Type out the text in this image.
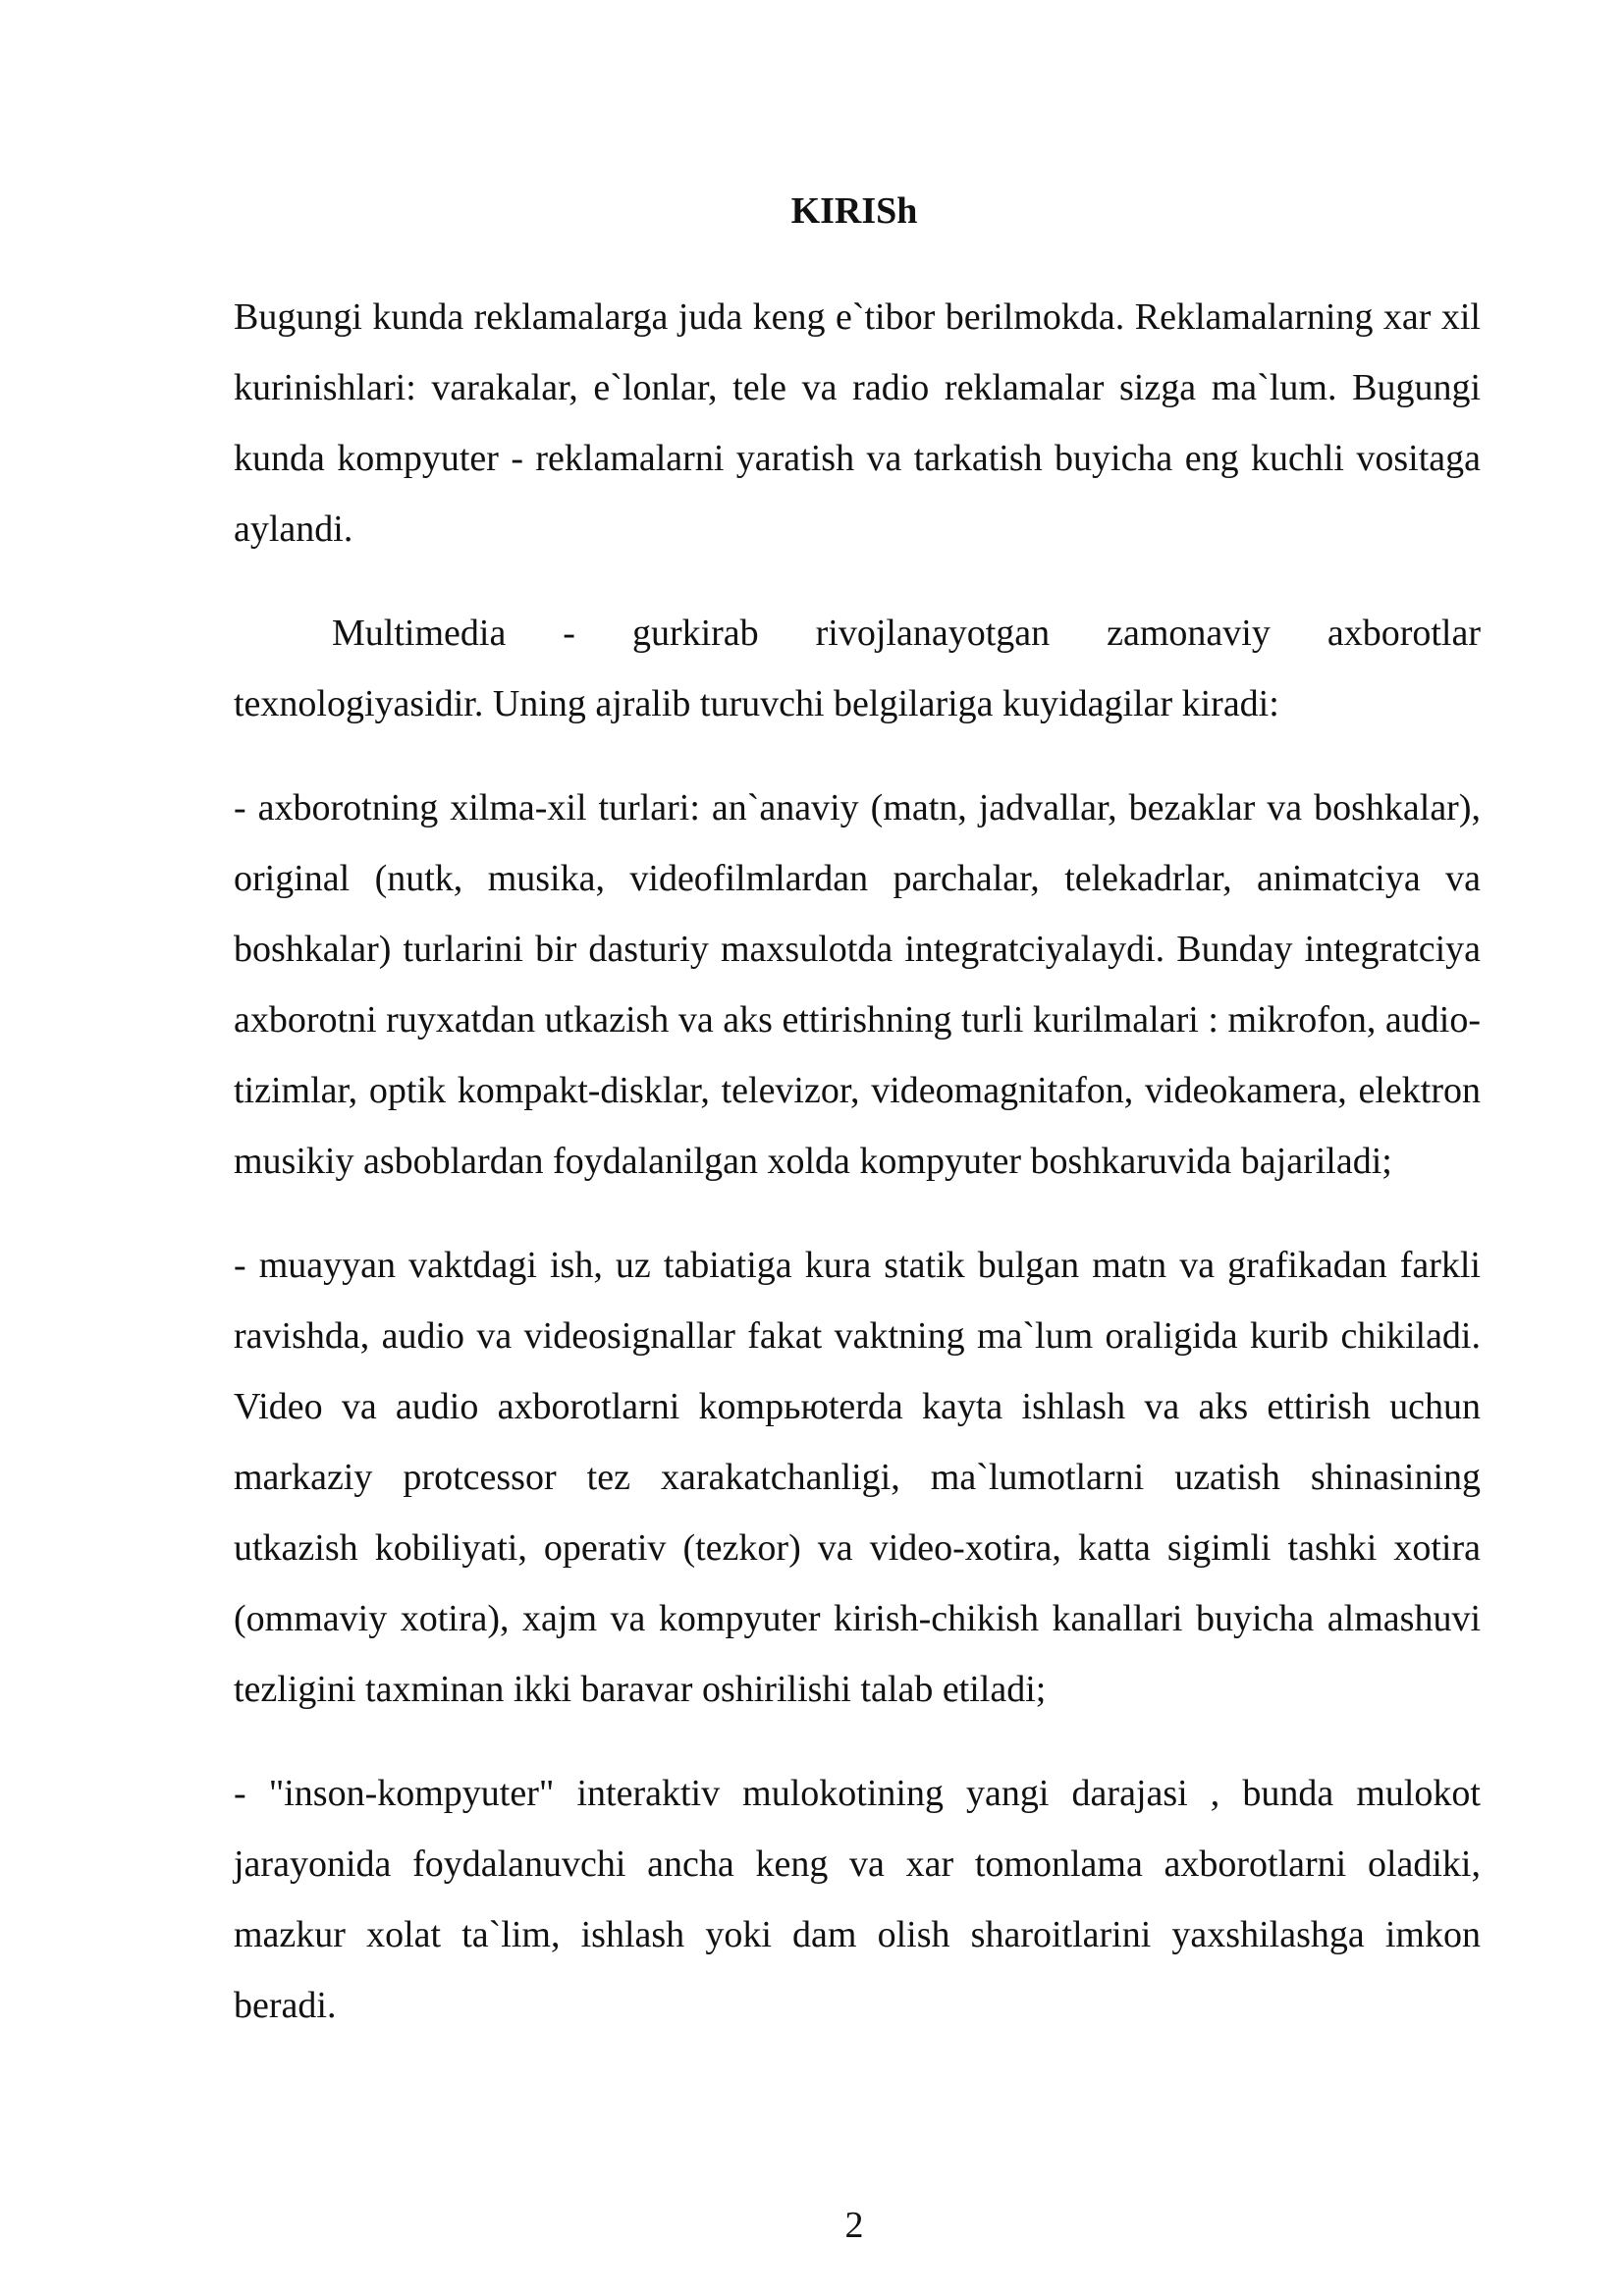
KIRISh

Bugungi kunda reklamalarga juda keng e`tibor berilmokda. Reklamalarning xar xil kurinishlari: varakalar, e`lonlar, tele va radio reklamalar sizga ma`lum. Bugungi kunda kompyuter - reklamalarni yaratish va tarkatish buyicha eng kuchli vositaga aylandi.

Multimedia - gurkirab rivojlanayotgan zamonaviy axborotlar texnologiyasidir. Uning ajralib turuvchi belgilariga kuyidagilar kiradi:

- axborotning xilma-xil turlari: an`anaviy (matn, jadvallar, bezaklar va boshkalar), original (nutk, musika, videofilmlardan parchalar, telekadrlar, animatciya va boshkalar) turlarini bir dasturiy maxsulotda integratciyalaydi. Bunday integratciya axborotni ruyxatdan utkazish va aks ettirishning turli kurilmalari : mikrofon, audio-tizimlar, optik kompakt-disklar, televizor, videomagnitafon, videokamera, elektron musikiy asboblardan foydalanilgan xolda kompyuter boshkaruvida bajariladi;

- muayyan vaktdagi ish, uz tabiatiga kura statik bulgan matn va grafikadan farkli ravishda, audio va videosignallar fakat vaktning ma`lum oraligida kurib chikiladi. Video va audio axborotlarni kompьюterda kayta ishlash va aks ettirish uchun markaziy protcessor tez xarakatchanligi, ma`lumotlarni uzatish shinasining utkazish kobiliyati, operativ (tezkor) va video-xotira, katta sigimli tashki xotira (ommaviy xotira), xajm va kompyuter kirish-chikish kanallari buyicha almashuvi tezligini taxminan ikki baravar oshirilishi talab etiladi;

- "inson-kompyuter" interaktiv mulokotining yangi darajasi , bunda mulokot jarayonida foydalanuvchi ancha keng va xar tomonlama axborotlarni oladiki, mazkur xolat ta`lim, ishlash yoki dam olish sharoitlarini yaxshilashga imkon beradi.

2
